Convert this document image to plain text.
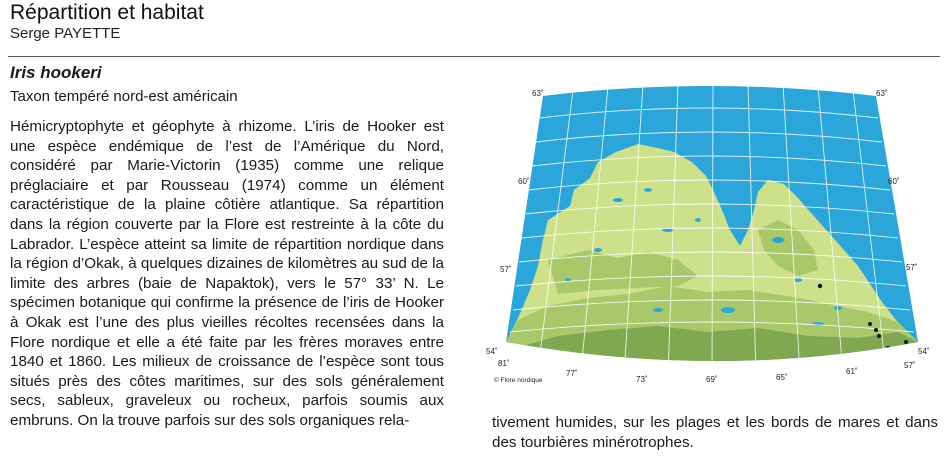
Répartition et habitat
Serge PAYETTE
Iris hookeri
Taxon tempéré nord-est américain
Hémicryptophyte et géophyte à rhizome. L’iris de Hooker est une espèce endémique de l’est de l’Amérique du Nord, considéré par Marie-Victorin (1935) comme une relique préglaciaire et par Rousseau (1974) comme un élément caractéristique de la plaine côtière atlantique. Sa répartition dans la région couverte par la Flore est restreinte à la côte du Labrador. L’espèce atteint sa limite de répartition nordique dans la région d’Okak, à quelques dizaines de kilomètres au sud de la limite des arbres (baie de Napaktok), vers le 57° 33’ N. Le spécimen botanique qui confirme la présence de l’iris de Hooker à Okak est l’une des plus vieilles récoltes recensées dans la Flore nordique et elle a été faite par les frères moraves entre 1840 et 1860. Les milieux de croissance de l’espèce sont tous situés près des côtes maritimes, sur des sols généralement secs, sableux, graveleux ou rocheux, parfois soumis aux embruns. On la trouve parfois sur des sols organiques rela-	tivement humides, sur les plages et les bords de mares et dans des tourbières minérotrophes.
63˚	63˚
60˚	60˚
57˚	57˚
54˚	54˚
57˚
81˚
77˚
73˚	69˚	65˚
61˚
© Flore nordique
